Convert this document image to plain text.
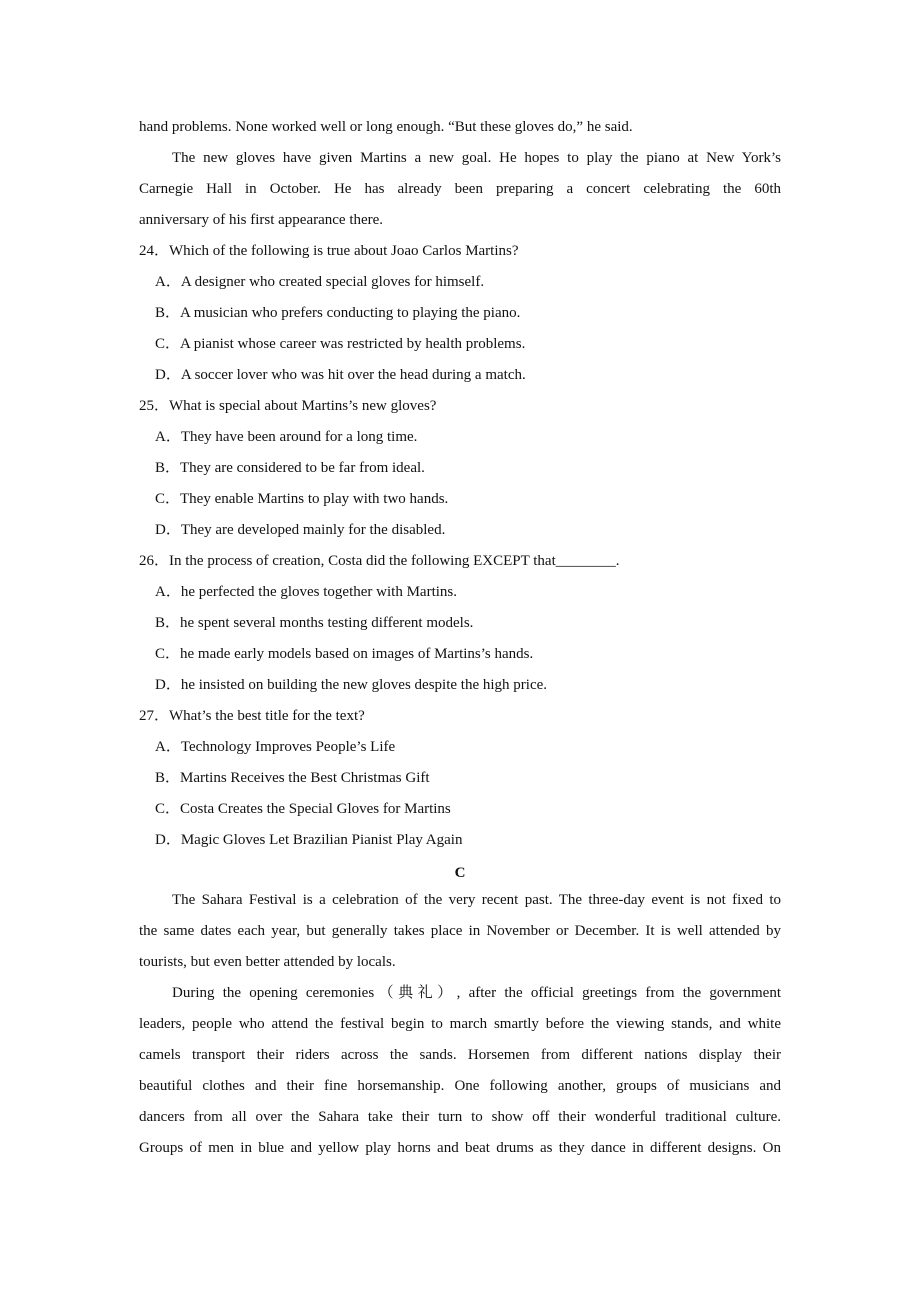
hand problems. None worked well or long enough. “But these gloves do,” he said.
The new gloves have given Martins a new goal. He hopes to play the piano at New York’s
Carnegie Hall in October. He has already been preparing a concert celebrating the 60th
anniversary of his first appearance there.
24．Which of the following is true about Joao Carlos Martins?
A．A designer who created special gloves for himself.
B．A musician who prefers conducting to playing the piano.
C．A pianist whose career was restricted by health problems.
D．A soccer lover who was hit over the head during a match.
25．What is special about Martins’s new gloves?
A．They have been around for a long time.
B．They are considered to be far from ideal.
C．They enable Martins to play with two hands.
D．They are developed mainly for the disabled.
26．In the process of creation, Costa did the following EXCEPT that________.
A．he perfected the gloves together with Martins.
B．he spent several months testing different models.
C．he made early models based on images of Martins’s hands.
D．he insisted on building the new gloves despite the high price.
27．What’s the best title for the text?
A．Technology Improves People’s Life
B．Martins Receives the Best Christmas Gift
C．Costa Creates the Special Gloves for Martins
D．Magic Gloves Let Brazilian Pianist Play Again
C
The Sahara Festival is a celebration of the very recent past. The three-day event is not fixed to
the same dates each year, but generally takes place in November or December. It is well attended by
tourists, but even better attended by locals.
During the opening ceremonies（典礼）, after the official greetings from the government
leaders, people who attend the festival begin to march smartly before the viewing stands, and white
camels transport their riders across the sands. Horsemen from different nations display their
beautiful clothes and their fine horsemanship. One following another, groups of musicians and
dancers from all over the Sahara take their turn to show off their wonderful traditional culture.
Groups of men in blue and yellow play horns and beat drums as they dance in different designs. On
